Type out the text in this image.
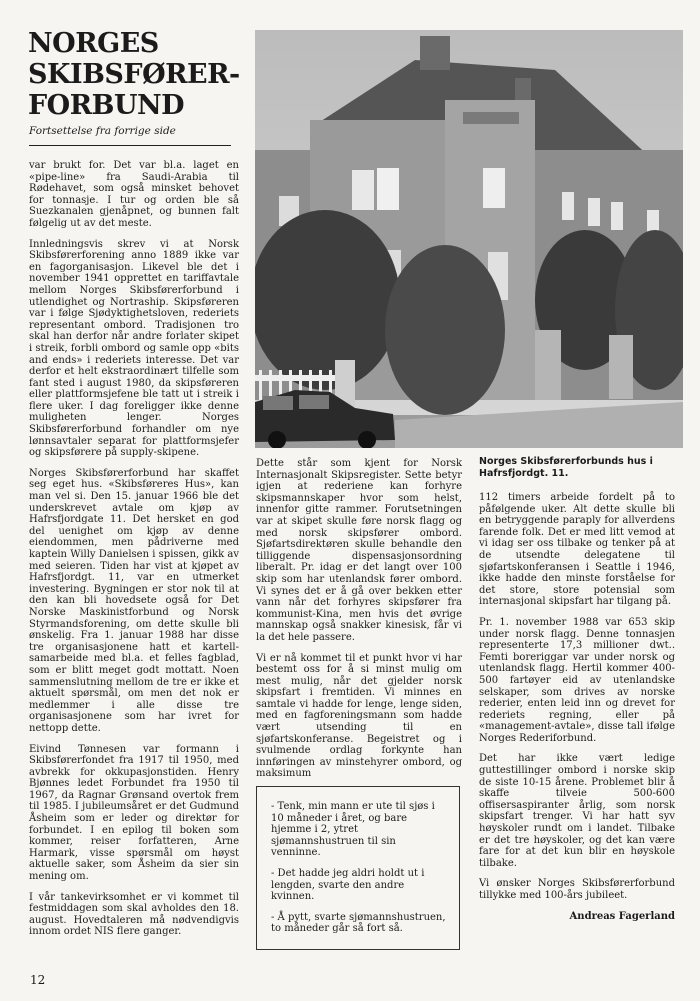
NORGES
SKIBSFØRER-
FORBUND
Fortsettelse fra forrige side
Norges Skibsførerforbunds hus i Hafrsfjordgt. 11.

var brukt for. Det var bl.a. laget en «pipe-line» fra Saudi-Arabia til Rødehavet, som også minsket behovet for tonnasje. I tur og orden ble så Suezkanalen gjenåpnet, og bunnen falt følgelig ut av det meste.

Innledningsvis skrev vi at Norsk Skibsførerforening anno 1889 ikke var en fagorganisasjon. Likevel ble det i november 1941 opprettet en tariffavtale mellom Norges Skibsførerforbund i utlendighet og Nortraship. Skipsføreren var i følge Sjødyktighetsloven, rederiets representant ombord. Tradisjonen tro skal han derfor når andre forlater skipet i streik, forbli ombord og samle opp «bits and ends» i rederiets interesse. Det var derfor et helt ekstraordinært tilfelle som fant sted i august 1980, da skipsføreren eller plattformsjefene ble tatt ut i streik i flere uker. I dag foreligger ikke denne muligheten lenger. Norges Skibsførerforbund forhandler om nye lønnsavtaler separat for plattformsjefer og skipsførere på supply-skipene.

Norges Skibsførerforbund har skaffet seg eget hus. «Skibsføreres Hus», kan man vel si. Den 15. januar 1966 ble det underskrevet avtale om kjøp av Hafrsfjordgate 11. Det hersket en god del uenighet om kjøp av denne eiendommen, men pådriverne med kaptein Willy Danielsen i spissen, gikk av med seieren. Tiden har vist at kjøpet av Hafrsfjordgt. 11, var en utmerket investering. Bygningen er stor nok til at den kan bli hovedsete også for Det Norske Maskinistforbund og Norsk Styrmandsforening, om dette skulle bli ønskelig. Fra 1. januar 1988 har disse tre organisasjonene hatt et kartell-samarbeide med bl.a. et felles fagblad, som er blitt meget godt mottatt. Noen sammenslutning mellom de tre er ikke et aktuelt spørsmål, om men det nok er medlemmer i alle disse tre organisasjonene som har ivret for nettopp dette.

Eivind Tønnesen var formann i Skibsførerfondet fra 1917 til 1950, med avbrekk for okkupasjonstiden. Henry Bjønnes ledet Forbundet fra 1950 til 1967, da Ragnar Grønsand overtok frem til 1985. I jubileumsåret er det Gudmund Åsheim som er leder og direktør for forbundet. I en epilog til boken som kommer, reiser forfatteren, Arne Harmark, visse spørsmål om høyst aktuelle saker, som Åsheim da sier sin mening om.

I vår tankevirksomhet er vi kommet til festmiddagen som skal avholdes den 18. august. Hovedtaleren må nødvendigvis innom ordet NIS flere ganger.

Dette står som kjent for Norsk Internasjonalt Skipsregister. Sette betyr igjen at rederiene kan forhyre skipsmannskaper hvor som helst, innenfor gitte rammer. Forutsetningen var at skipet skulle føre norsk flagg og med norsk skipsfører ombord. Sjøfartsdirektøren skulle behandle den tilliggende dispensasjonsordning liberalt. Pr. idag er det langt over 100 skip som har utenlandsk fører ombord. Vi synes det er å gå over bekken etter vann når det forhyres skipsfører fra kommunist-Kina, men hvis det øvrige mannskap også snakker kinesisk, får vi la det hele passere.

Vi er nå kommet til et punkt hvor vi har bestemt oss for å si minst mulig om mest mulig, når det gjelder norsk skipsfart i fremtiden. Vi minnes en samtale vi hadde for lenge, lenge siden, med en fagforeningsmann som hadde vært utsending til en sjøfartskonferanse. Begeistret og i svulmende ordlag forkynte han innføringen av minstehyrer ombord, og maksimum

- Tenk, min mann er ute til sjøs i 10 måneder i året, og bare hjemme i 2, ytret sjømannshustruen til sin venninne.

- Det hadde jeg aldri holdt ut i lengden, svarte den andre kvinnen.

- Å pytt, svarte sjømannshustruen, to måneder går så fort så.

112 timers arbeide fordelt på to påfølgende uker. Alt dette skulle bli en betryggende paraply for allverdens farende folk. Det er med litt vemod at vi idag ser oss tilbake og tenker på at de utsendte delegatene til sjøfartskonferansen i Seattle i 1946, ikke hadde den minste forståelse for det store, store potensial som internasjonal skipsfart har tilgang på.

Pr. 1. november 1988 var 653 skip under norsk flagg. Denne tonnasjen representerte 17,3 millioner dwt.. Femti boreriggar var under norsk og utenlandsk flagg. Hertil kommer 400-500 fartøyer eid av utenlandske selskaper, som drives av norske rederier, enten leid inn og drevet for rederiets regning, eller på «management-avtale», disse tall ifølge Norges Rederiforbund.

Det har ikke vært ledige guttestillinger ombord i norske skip de siste 10-15 årene. Problemet blir å skaffe tilveie 500-600 offisersaspiranter årlig, som norsk skipsfart trenger. Vi har hatt syv høyskoler rundt om i landet. Tilbake er det tre høyskoler, og det kan være fare for at det kun blir en høyskole tilbake.

Vi ønsker Norges Skibsførerforbund tillykke med 100-års jubileet.

Andreas Fagerland
12
